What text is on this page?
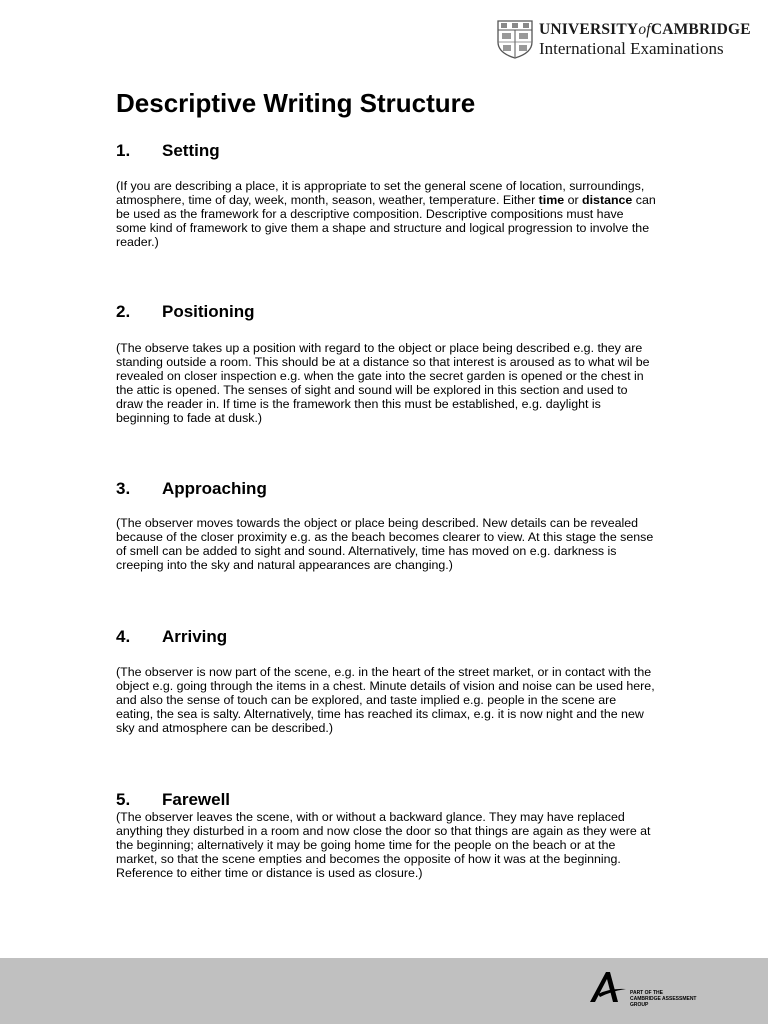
UNIVERSITYofCAMBRIDGE
International Examinations
Descriptive Writing Structure
1. Setting

(If you are describing a place, it is appropriate to set the general scene of location, surroundings, atmosphere, time of day, week, month, season, weather, temperature. Either time or distance can be used as the framework for a descriptive composition. Descriptive compositions must have some kind of framework to give them a shape and structure and logical progression to involve the reader.)

2. Positioning

(The observe takes up a position with regard to the object or place being described e.g. they are standing outside a room. This should be at a distance so that interest is aroused as to what wil be revealed on closer inspection e.g. when the gate into the secret garden is opened or the chest in the attic is opened. The senses of sight and sound will be explored in this section and used to draw the reader in. If time is the framework then this must be established, e.g. daylight is beginning to fade at dusk.)

3. Approaching

(The observer moves towards the object or place being described. New details can be revealed because of the closer proximity e.g. as the beach becomes clearer to view. At this stage the sense of smell can be added to sight and sound. Alternatively, time has moved on e.g. darkness is creeping into the sky and natural appearances are changing.)

4. Arriving

(The observer is now part of the scene, e.g. in the heart of the street market, or in contact with the object e.g. going through the items in a chest. Minute details of vision and noise can be used here, and also the sense of touch can be explored, and taste implied e.g. people in the scene are eating, the sea is salty. Alternatively, time has reached its climax, e.g. it is now night and the new sky and atmosphere can be described.)

5. Farewell

(The observer leaves the scene, with or without a backward glance. They may have replaced anything they disturbed in a room and now close the door so that things are again as they were at the beginning; alternatively it may be going home time for the people on the beach or at the market, so that the scene empties and becomes the opposite of how it was at the beginning. Reference to either time or distance is used as closure.)

PART OF THE
CAMBRIDGE ASSESSMENT
GROUP
